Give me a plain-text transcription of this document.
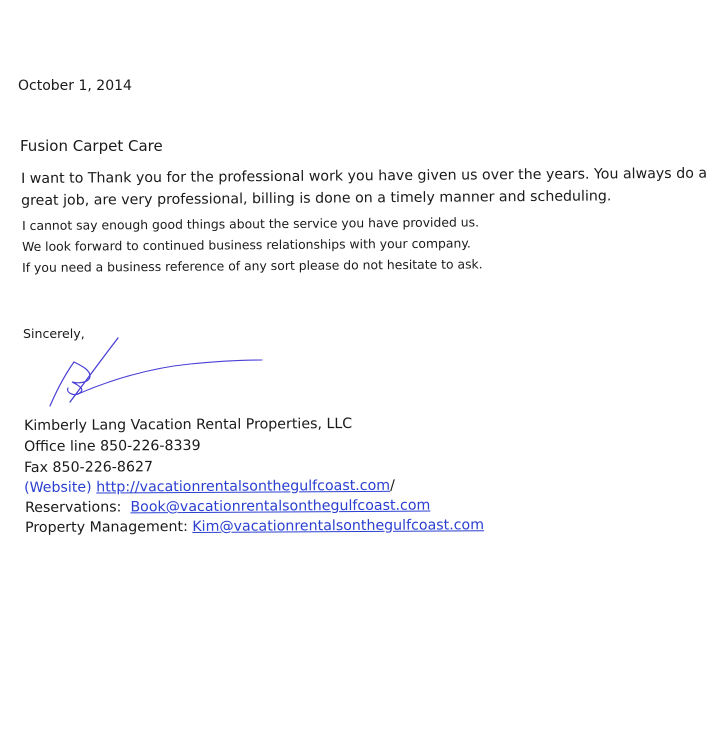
October 1, 2014
Fusion Carpet Care
I want to Thank you for the professional work you have given us over the years. You always do a
great job, are very professional, billing is done on a timely manner and scheduling.
I cannot say enough good things about the service you have provided us.
We look forward to continued business relationships with your company.
If you need a business reference of any sort please do not hesitate to ask.
Sincerely,
Kimberly Lang Vacation Rental Properties, LLC
Office line 850-226-8339
Fax 850-226-8627
(Website) http://vacationrentalsonthegulfcoast.com/
Reservations: Book@vacationrentalsonthegulfcoast.com
Property Management: Kim@vacationrentalsonthegulfcoast.com
